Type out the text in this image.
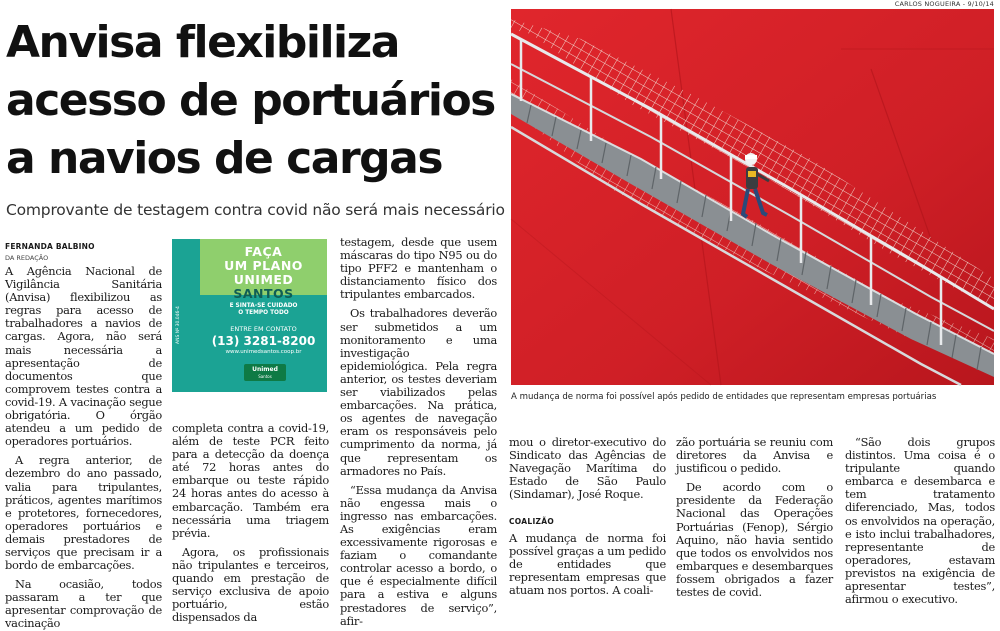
Anvisa flexibiliza
acesso de portuários
a navios de cargas
Comprovante de testagem contra covid não será mais necessário
CARLOS NOGUEIRA - 9/10/14
A mudança de norma foi possível após pedido de entidades que representam empresas portuárias
FERNANDA BALBINO
DA REDAÇÃO

A Agência Nacional de Vigilância Sanitária (Anvisa) flexibilizou as regras para acesso de trabalhadores a navios de cargas. Agora, não será mais necessária a apresentação de documentos que comprovem testes contra a covid-19. A vacinação segue obrigatória. O órgão atendeu a um pedido de operadores portuários.

A regra anterior, de dezembro do ano passado, valia para tripulantes, práticos, agentes marítimos e protetores, fornecedores, operadores portuários e demais prestadores de serviços que precisam ir a bordo de embarcações.

Na ocasião, todos passaram a ter que apresentar comprovação de vacinação

FAÇA
UM PLANO
UNIMED
SANTOS
E SINTA-SE CUIDADO
O TEMPO TODO
ENTRE EM CONTATO
(13) 3281-8200
www.unimedsantos.coop.br
Unimed
Santos
ANS Nº 30.046-4

completa contra a covid-19, além de teste PCR feito para a detecção da doença até 72 horas antes do embarque ou teste rápido 24 horas antes do acesso à embarcação. Também era necessária uma triagem prévia.

Agora, os profissionais não tripulantes e terceiros, quando em prestação de serviço exclusiva de apoio portuário, estão dispensados da

testagem, desde que usem máscaras do tipo N95 ou do tipo PFF2 e mantenham o distanciamento físico dos tripulantes embarcados.

Os trabalhadores deverão ser submetidos a um monitoramento e uma investigação epidemiológica. Pela regra anterior, os testes deveriam ser viabilizados pelas embarcações. Na prática, os agentes de navegação eram os responsáveis pelo cumprimento da norma, já que representam os armadores no País.

“Essa mudança da Anvisa não engessa mais o ingresso nas embarcações. As exigências eram excessivamente rigorosas e faziam o comandante controlar acesso a bordo, o que é especialmente difícil para a estiva e alguns prestadores de serviço”, afir-

mou o diretor-executivo do Sindicato das Agências de Navegação Marítima do Estado de São Paulo (Sindamar), José Roque.

COALIZÃO

A mudança de norma foi possível graças a um pedido de entidades que representam empresas que atuam nos portos. A coali-

zão portuária se reuniu com diretores da Anvisa e justificou o pedido.

De acordo com o presidente da Federação Nacional das Operações Portuárias (Fenop), Sérgio Aquino, não havia sentido que todos os envolvidos nos embarques e desembarques fossem obrigados a fazer testes de covid.

“São dois grupos distintos. Uma coisa é o tripulante quando embarca e desembarca e tem tratamento diferenciado, Mas, todos os envolvidos na operação, e isto inclui trabalhadores, representante de operadores, estavam previstos na exigência de apresentar testes”, afirmou o executivo.
